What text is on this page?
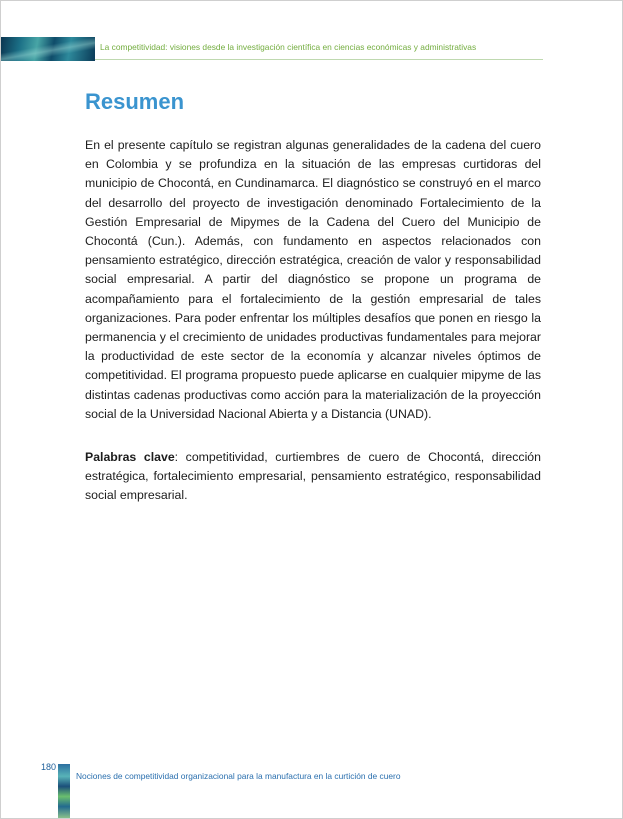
La competitividad: visiones desde la investigación científica en ciencias económicas y administrativas
Resumen

En el presente capítulo se registran algunas generalidades de la cadena del cuero en Colombia y se profundiza en la situación de las empresas curtidoras del municipio de Chocontá, en Cundinamarca. El diagnóstico se construyó en el marco del desarrollo del proyecto de investigación denominado Fortalecimiento de la Gestión Empresarial de Mipymes de la Cadena del Cuero del Municipio de Chocontá (Cun.). Además, con fundamento en aspectos relacionados con pensamiento estratégico, dirección estratégica, creación de valor y responsabilidad social empresarial. A partir del diagnóstico se propone un programa de acompañamiento para el fortalecimiento de la gestión empresarial de tales organizaciones. Para poder enfrentar los múltiples desafíos que ponen en riesgo la permanencia y el crecimiento de unidades productivas fundamentales para mejorar la productividad de este sector de la economía y alcanzar niveles óptimos de competitividad. El programa propuesto puede aplicarse en cualquier mipyme de las distintas cadenas productivas como acción para la materialización de la proyección social de la Universidad Nacional Abierta y a Distancia (UNAD).

Palabras clave: competitividad, curtiembres de cuero de Chocontá, dirección estratégica, fortalecimiento empresarial, pensamiento estratégico, responsabilidad social empresarial.

180
Nociones de competitividad organizacional para la manufactura en la curtición de cuero
